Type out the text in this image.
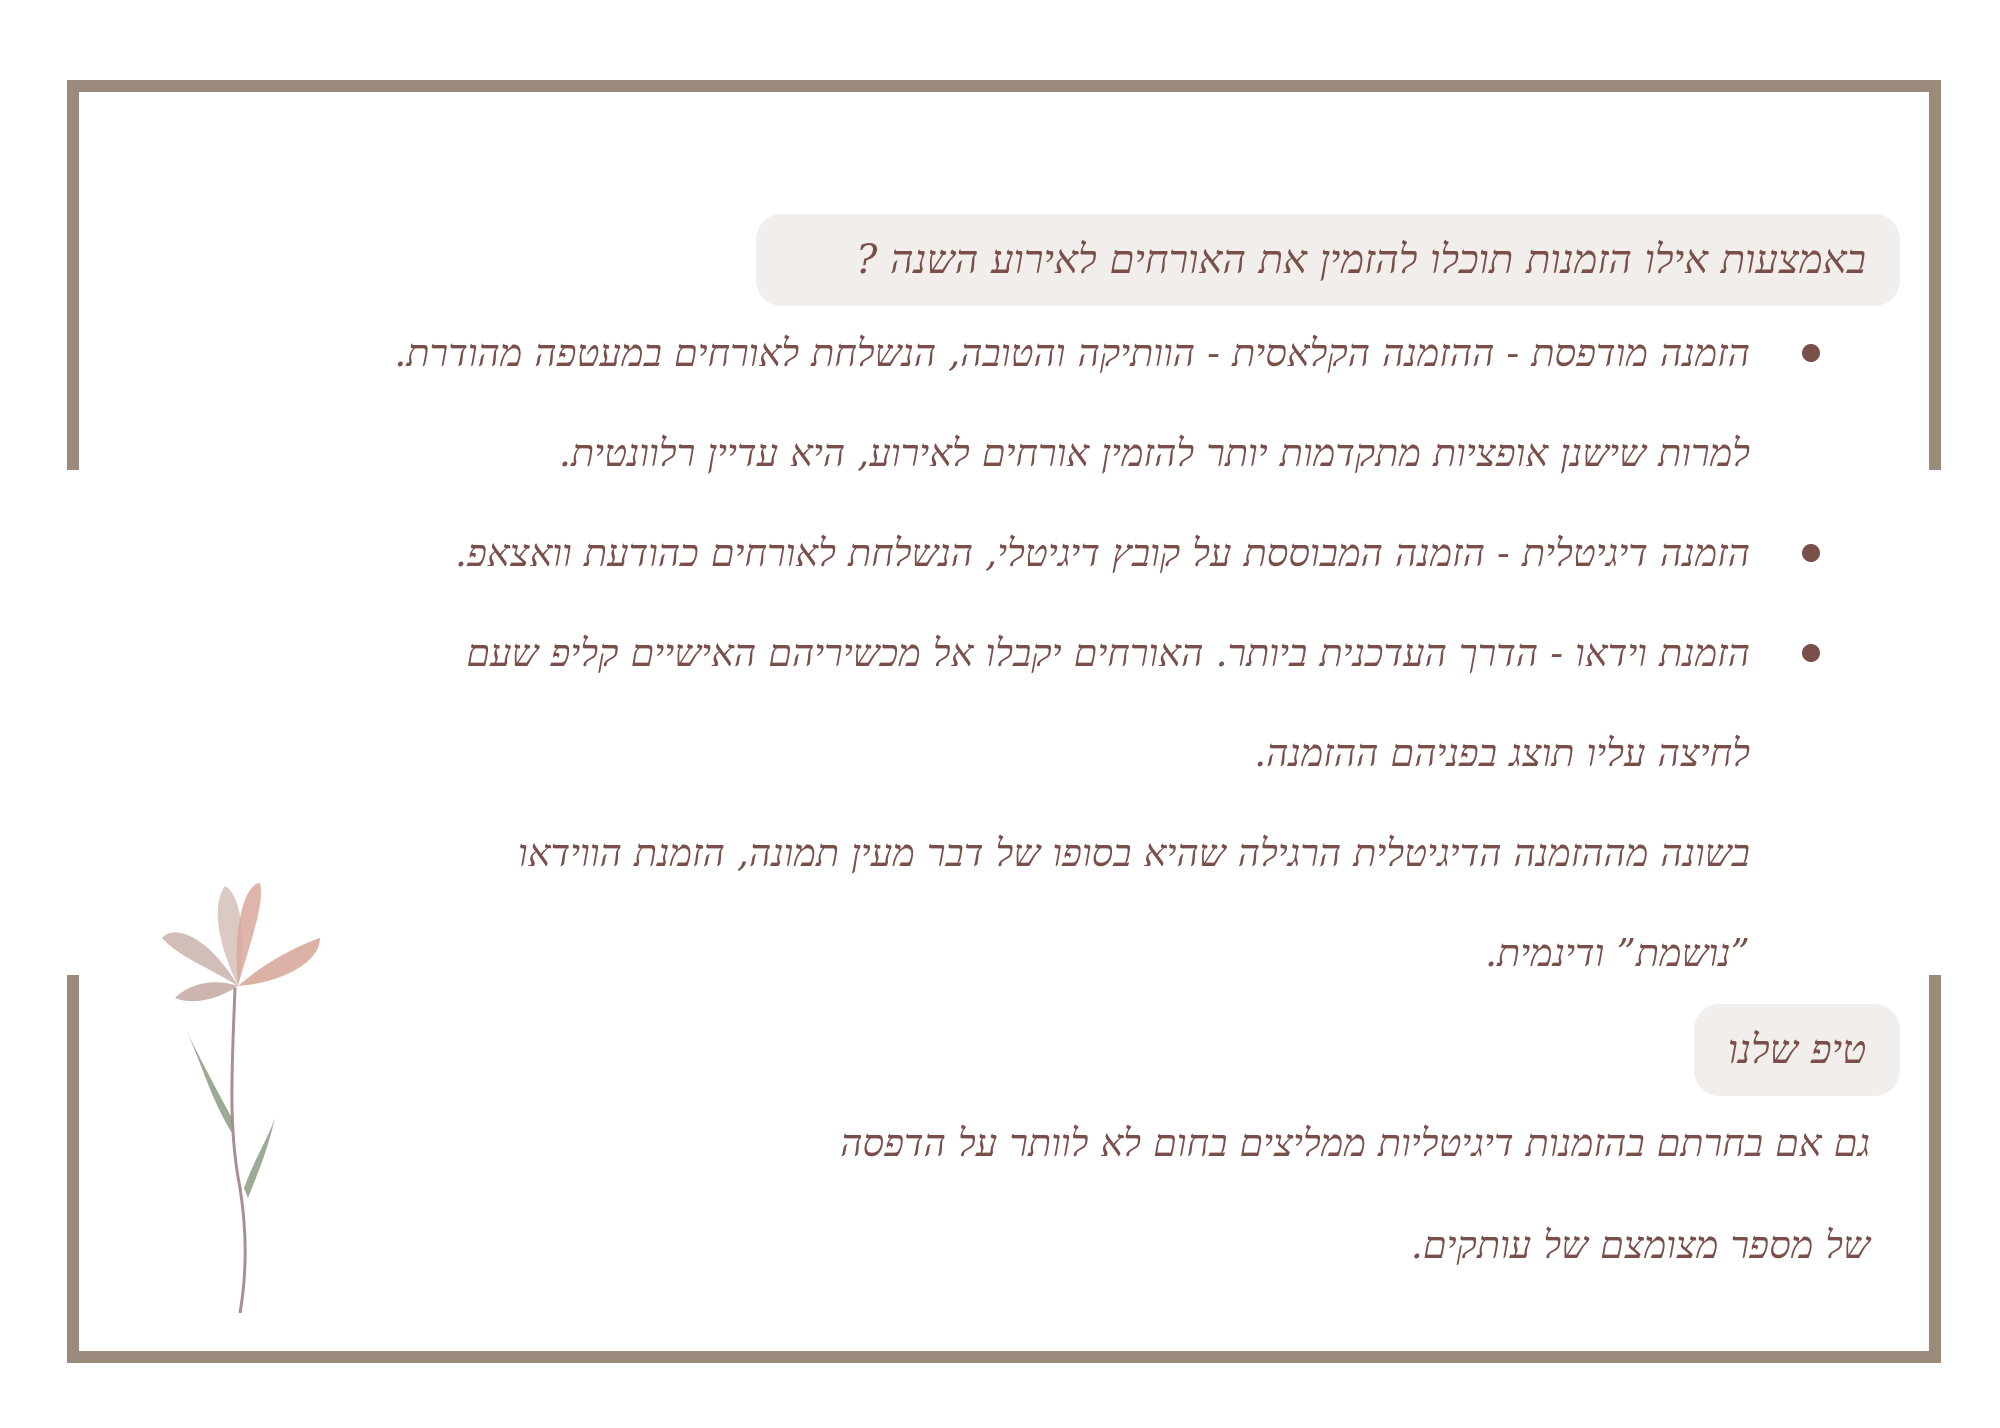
באמצעות אילו הזמנות תוכלו להזמין את האורחים לאירוע השנה ?
הזמנה מודפסת - ההזמנה הקלאסית - הוותיקה והטובה, הנשלחת לאורחים במעטפה מהודרת.
למרות שישנן אופציות מתקדמות יותר להזמין אורחים לאירוע, היא עדיין רלוונטית.
הזמנה דיגיטלית - הזמנה המבוססת על קובץ דיגיטלי, הנשלחת לאורחים כהודעת וואצאפ.
הזמנת וידאו - הדרך העדכנית ביותר. האורחים יקבלו אל מכשיריהם האישיים קליפ שעם
לחיצה עליו תוצג בפניהם ההזמנה.
בשונה מההזמנה הדיגיטלית הרגילה שהיא בסופו של דבר מעין תמונה, הזמנת הווידאו
”נושמת” ודינמית.
טיפ שלנו
גם אם בחרתם בהזמנות דיגיטליות ממליצים בחום לא לוותר על הדפסה
של מספר מצומצם של עותקים.
